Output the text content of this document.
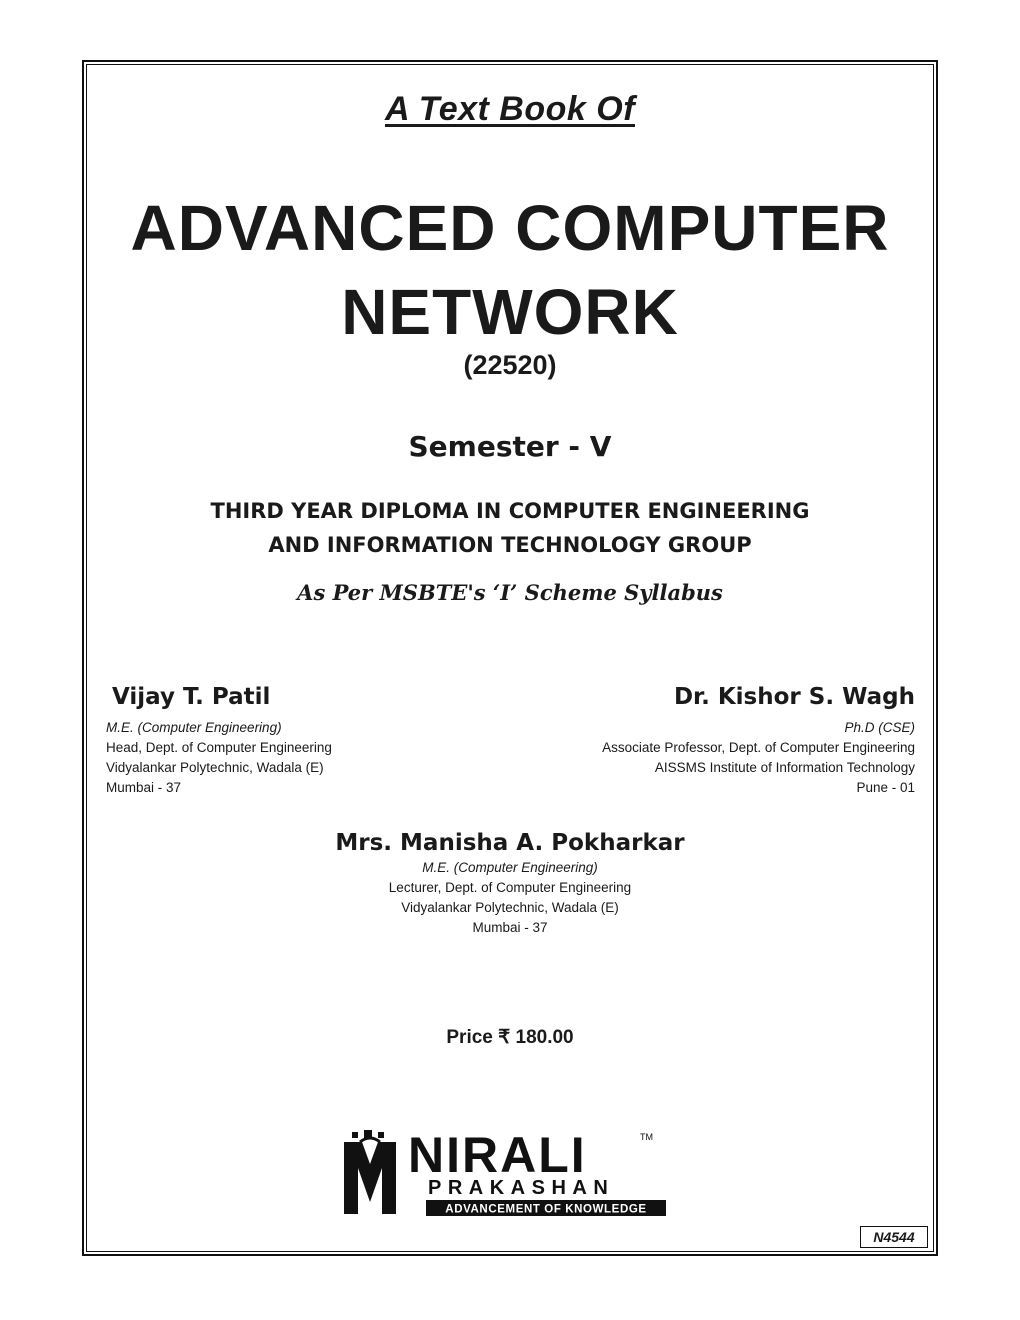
A Text Book Of
ADVANCED COMPUTER
NETWORK
(22520)
Semester - V
THIRD YEAR DIPLOMA IN COMPUTER ENGINEERING
AND INFORMATION TECHNOLOGY GROUP
As Per MSBTE's ‘I’ Scheme Syllabus
Vijay T. Patil
M.E. (Computer Engineering)
Head, Dept. of Computer Engineering
Vidyalankar Polytechnic, Wadala (E)
Mumbai - 37
Dr. Kishor S. Wagh
Ph.D (CSE)
Associate Professor, Dept. of Computer Engineering
AISSMS Institute of Information Technology
Pune - 01
Mrs. Manisha A. Pokharkar
M.E. (Computer Engineering)
Lecturer, Dept. of Computer Engineering
Vidyalankar Polytechnic, Wadala (E)
Mumbai - 37
Price ₹ 180.00
NIRALI	TM
PRAKASHAN
ADVANCEMENT OF KNOWLEDGE
N4544
